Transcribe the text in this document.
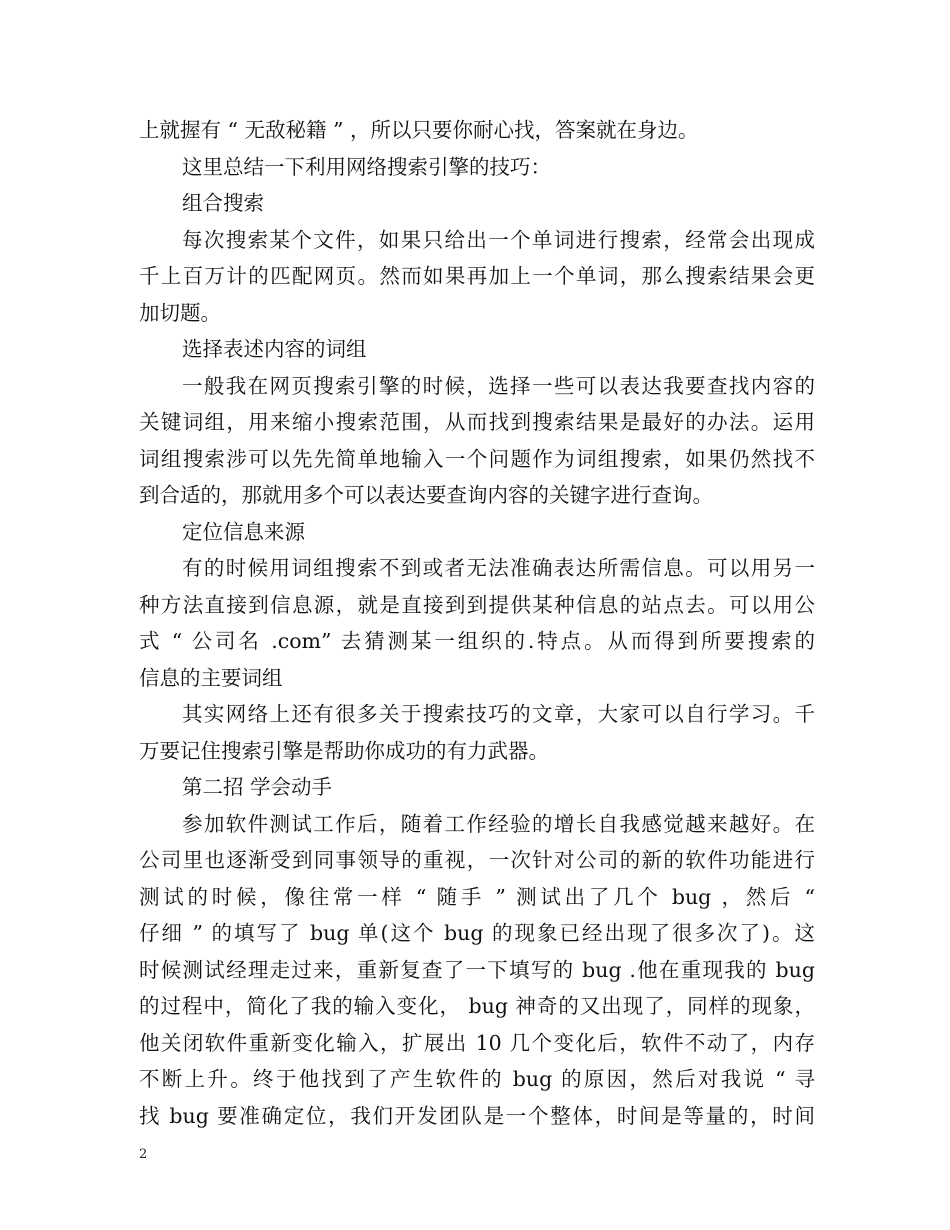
上就握有 “ 无敌秘籍 ” ，所以只要你耐心找，答案就在身边。
这里总结一下利用网络搜索引擎的技巧：
组合搜索
每次搜索某个文件，如果只给出一个单词进行搜索，经常会出现成
千上百万计的匹配网页。然而如果再加上一个单词，那么搜索结果会更
加切题。
选择表述内容的词组
一般我在网页搜索引擎的时候，选择一些可以表达我要查找内容的
关键词组，用来缩小搜索范围，从而找到搜索结果是最好的办法。运用
词组搜索涉可以先先简单地输入一个问题作为词组搜索，如果仍然找不
到合适的，那就用多个可以表达要查询内容的关键字进行查询。
定位信息来源
有的时候用词组搜索不到或者无法准确表达所需信息。可以用另一
种方法直接到信息源，就是直接到到提供某种信息的站点去。可以用公
式 “ 公司名 .com” 去猜测某一组织的.特点。从而得到所要搜索的
信息的主要词组
其实网络上还有很多关于搜索技巧的文章，大家可以自行学习。千
万要记住搜索引擎是帮助你成功的有力武器。
第二招 学会动手
参加软件测试工作后，随着工作经验的增长自我感觉越来越好。在
公司里也逐渐受到同事领导的重视，一次针对公司的新的软件功能进行
测试的时候，像往常一样 “ 随手 ” 测试出了几个 bug ，然后 “
仔细 ” 的填写了 bug 单(这个 bug 的现象已经出现了很多次了)。这
时候测试经理走过来，重新复查了一下填写的 bug .他在重现我的 bug
的过程中，简化了我的输入变化， bug 神奇的又出现了，同样的现象，
他关闭软件重新变化输入，扩展出 10 几个变化后，软件不动了，内存
不断上升。终于他找到了产生软件的 bug 的原因，然后对我说 “ 寻
找 bug 要准确定位，我们开发团队是一个整体，时间是等量的，时间
2
